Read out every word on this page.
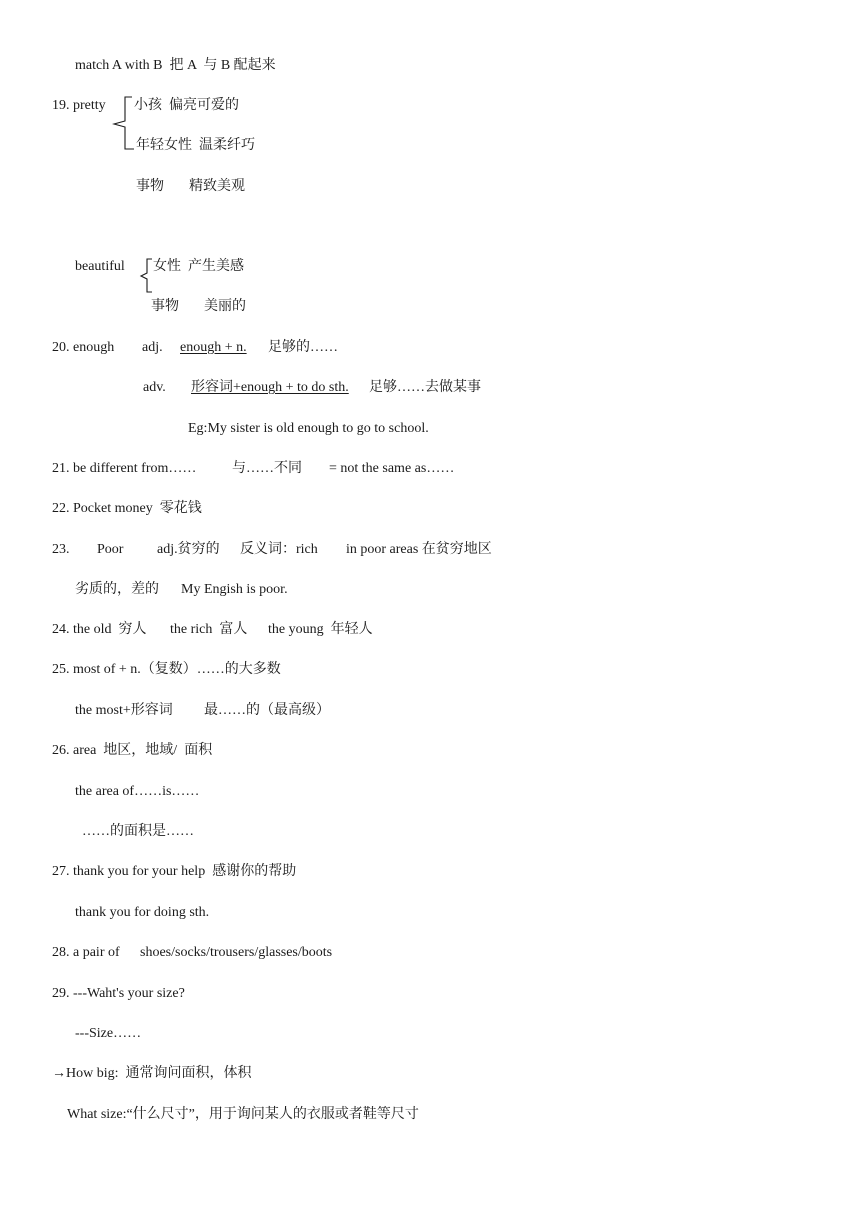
match A with B  把 A  与 B 配起来
19. pretty 小孩  偏亮可爱的
年轻女性  温柔纤巧
事物 精致美观
beautiful 女性  产生美感
事物 美丽的
20. enough adj. enough + n. 足够的……
adv. 形容词+enough + to do sth. 足够……去做某事
Eg:My sister is old enough to go to school.
21. be different from……	与……不同 = not the same as……
22. Pocket money  零花钱
23. Poor adj.贫穷的 反义词：rich in poor areas 在贫穷地区
劣质的，差的 My Engish is poor.
24. the old  穷人 the rich  富人 the young  年轻人
25. most of + n.（复数）……的大多数
the most+形容词 最……的（最高级）
26. area  地区，地域/  面积
the area of……is……
……的面积是……
27. thank you for your help  感谢你的帮助
thank you for doing sth.
28. a pair of shoes/socks/trousers/glasses/boots
29. ---Waht's your size?
---Size……
→How big:  通常询问面积，体积
What size:“什么尺寸”，用于询问某人的衣服或者鞋等尺寸
